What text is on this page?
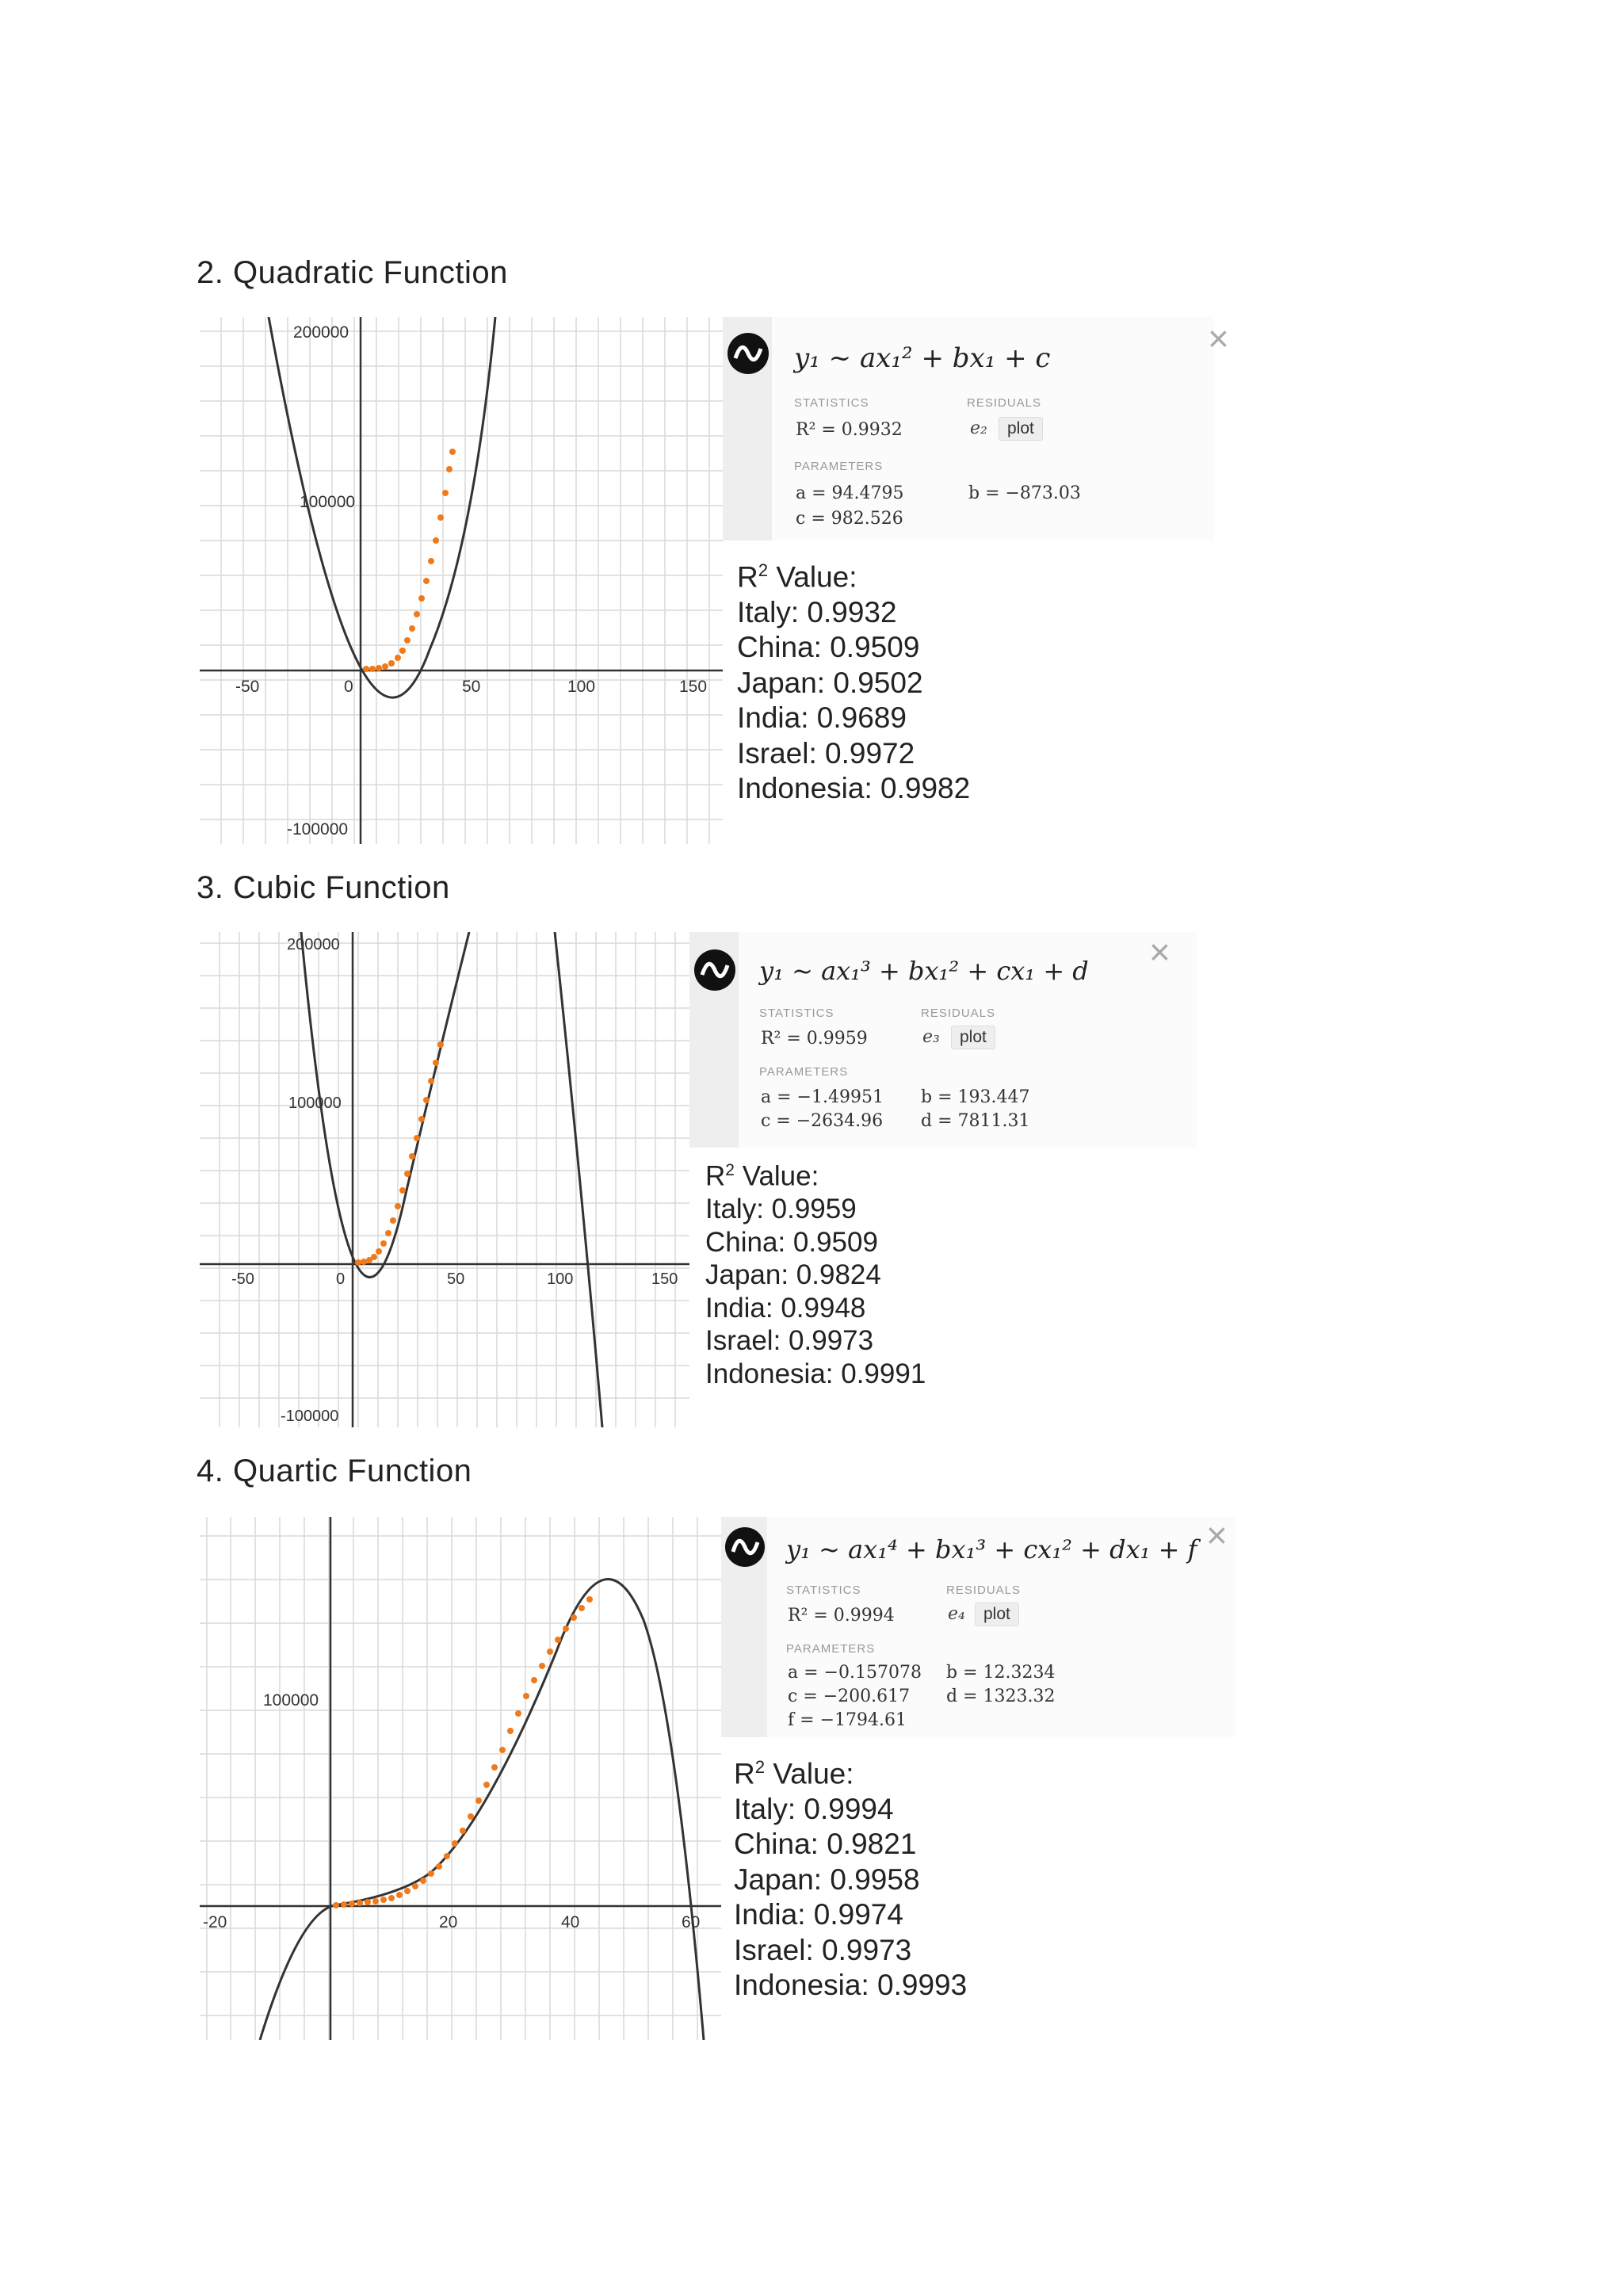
2. Quadratic Function
-50	0	50	100	150
200000
100000
-100000
y₁ ~ ax₁² + bx₁ + c
STATISTICS	RESIDUALS
R² = 0.9932	e₂	plot
PARAMETERS
a = 94.4795	b = −873.03
c = 982.526
×
$R^2$ Value:
Italy: 0.9932
China: 0.9509
Japan: 0.9502
India: 0.9689
Israel: 0.9972
Indonesia: 0.9982
3. Cubic Function
-50	0	50	100	150
200000
100000
-100000
y₁ ~ ax₁³ + bx₁² + cx₁ + d
STATISTICS	RESIDUALS
R² = 0.9959	e₃	plot
PARAMETERS
a = −1.49951 b = 193.447
c = −2634.96 d = 7811.31
×
$R^2$ Value:
Italy: 0.9959
China: 0.9509
Japan: 0.9824
India: 0.9948
Israel: 0.9973
Indonesia: 0.9991
4. Quartic Function
-20	20	40	60
100000
y₁ ~ ax₁⁴ + bx₁³ + cx₁² + dx₁ + f
STATISTICS	RESIDUALS
R² = 0.9994	e₄	plot
PARAMETERS
a = −0.157078 b = 12.3234
c = −200.617 d = 1323.32
f = −1794.61
×
$R^2$ Value:
Italy: 0.9994
China: 0.9821
Japan: 0.9958
India: 0.9974
Israel: 0.9973
Indonesia: 0.9993
